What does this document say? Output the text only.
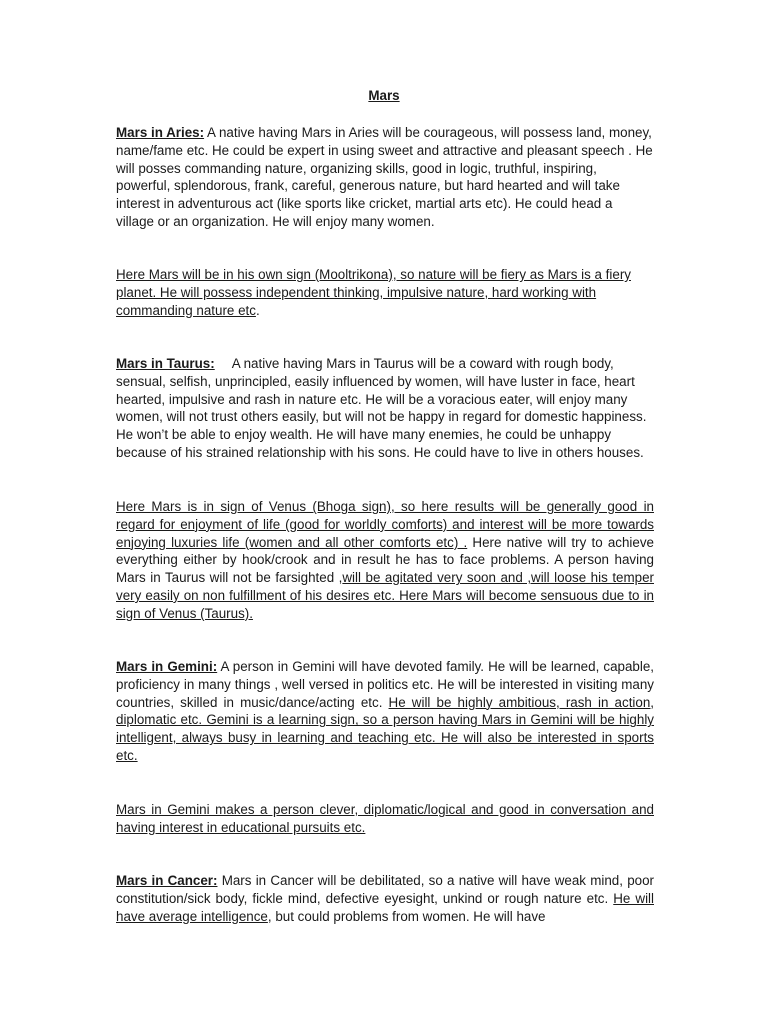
Mars

Mars in Aries: A native having Mars in Aries will be courageous, will possess land, money, name/fame etc. He could be expert in using sweet and attractive and pleasant speech . He will posses commanding nature, organizing skills, good in logic, truthful, inspiring, powerful, splendorous, frank, careful, generous nature, but hard hearted and will take interest in adventurous act (like sports like cricket, martial arts etc). He could head a village or an organization. He will enjoy many women.

Here Mars will be in his own sign (Mooltrikona), so nature will be fiery as Mars is a fiery planet. He will possess independent thinking, impulsive nature, hard working with commanding nature etc.

Mars in Taurus: A native having Mars in Taurus will be a coward with rough body, sensual, selfish, unprincipled, easily influenced by women, will have luster in face, heart hearted, impulsive and rash in nature etc. He will be a voracious eater, will enjoy many women, will not trust others easily, but will not be happy in regard for domestic happiness. He won’t be able to enjoy wealth. He will have many enemies, he could be unhappy because of his strained relationship with his sons. He could have to live in others houses.

Here Mars is in sign of Venus (Bhoga sign), so here results will be generally good in regard for enjoyment of life (good for worldly comforts) and interest will be more towards enjoying luxuries life (women and all other comforts etc) . Here native will try to achieve everything either by hook/crook and in result he has to face problems. A person having Mars in Taurus will not be farsighted ,will be agitated very soon and ,will loose his temper very easily on non fulfillment of his desires etc. Here Mars will become sensuous due to in sign of Venus (Taurus).

Mars in Gemini: A person in Gemini will have devoted family. He will be learned, capable, proficiency in many things , well versed in politics etc. He will be interested in visiting many countries, skilled in music/dance/acting etc. He will be highly ambitious, rash in action, diplomatic etc. Gemini is a learning sign, so a person having Mars in Gemini will be highly intelligent, always busy in learning and teaching etc. He will also be interested in sports etc.

Mars in Gemini makes a person clever, diplomatic/logical and good in conversation and having interest in educational pursuits etc.

Mars in Cancer: Mars in Cancer will be debilitated, so a native will have weak mind, poor constitution/sick body, fickle mind, defective eyesight, unkind or rough nature etc. He will have average intelligence, but could problems from women. He will have
